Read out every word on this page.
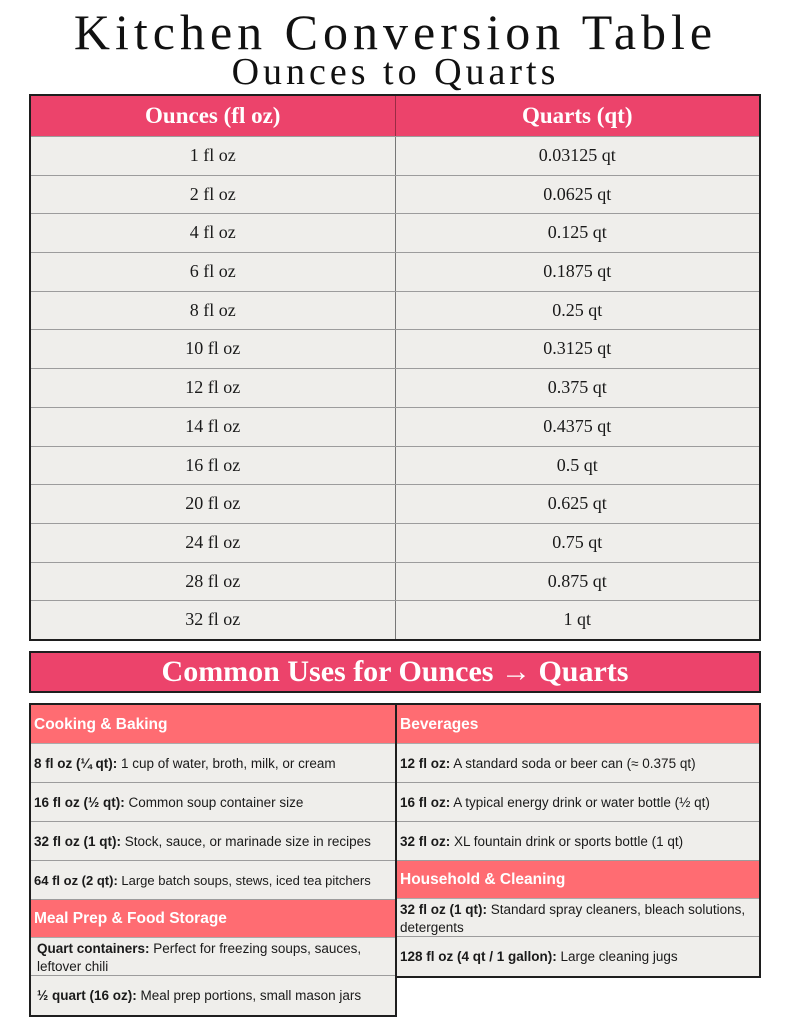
Kitchen Conversion Table
Ounces to Quarts
Ounces (fl oz)	Quarts (qt)
1 fl oz	0.03125 qt
2 fl oz	0.0625 qt
4 fl oz	0.125 qt
6 fl oz	0.1875 qt
8 fl oz	0.25 qt
10 fl oz	0.3125 qt
12 fl oz	0.375 qt
14 fl oz	0.4375 qt
16 fl oz	0.5 qt
20 fl oz	0.625 qt
24 fl oz	0.75 qt
28 fl oz	0.875 qt
32 fl oz	1 qt
Common Uses for Ounces → Quarts
Cooking & Baking
8 fl oz (¼ qt): 1 cup of water, broth, milk, or cream
16 fl oz (½ qt): Common soup container size
32 fl oz (1 qt): Stock, sauce, or marinade size in recipes
64 fl oz (2 qt): Large batch soups, stews, iced tea pitchers
Meal Prep & Food Storage
Quart containers: Perfect for freezing soups, sauces, leftover chili
½ quart (16 oz): Meal prep portions, small mason jars
Beverages
12 fl oz: A standard soda or beer can (≈ 0.375 qt)
16 fl oz: A typical energy drink or water bottle (½ qt)
32 fl oz: XL fountain drink or sports bottle (1 qt)
Household & Cleaning
32 fl oz (1 qt): Standard spray cleaners, bleach solutions, detergents
128 fl oz (4 qt / 1 gallon): Large cleaning jugs
